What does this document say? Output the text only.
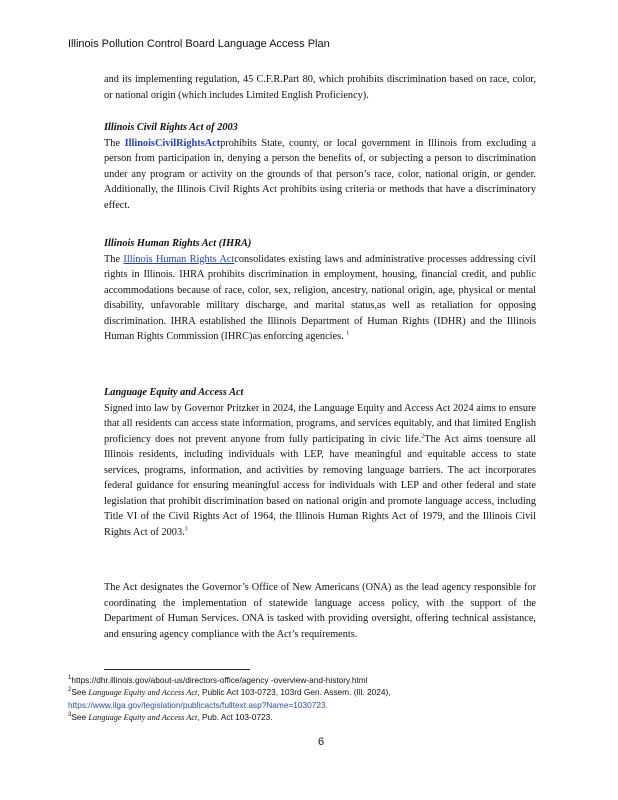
Illinois Pollution Control Board Language Access Plan

and its implementing regulation, 45 C.F.R.Part 80, which prohibits discrimination based on race, color, or national origin (which includes Limited English Proficiency).

Illinois Civil Rights Act of 2003

The IllinoisCivilRightsActprohibits State, county, or local government in Illinois from excluding a person from participation in, denying a person the benefits of, or subjecting a person to discrimination under any program or activity on the grounds of that person’s race, color, national origin, or gender. Additionally, the Illinois Civil Rights Act prohibits using criteria or methods that have a discriminatory effect.

Illinois Human Rights Act (IHRA)

The Illinois Human Rights Actconsolidates existing laws and administrative processes addressing civil rights in Illinois. IHRA prohibits discrimination in employment, housing, financial credit, and public accommodations because of race, color, sex, religion, ancestry, national origin, age, physical or mental disability, unfavorable military discharge, and marital status,as well as retaliation for opposing discrimination. IHRA established the Illinois Department of Human Rights (IDHR) and the Illinois Human Rights Commission (IHRC)as enforcing agencies. $^1$

Language Equity and Access Act

Signed into law by Governor Pritzker in 2024, the Language Equity and Access Act 2024 aims to ensure that all residents can access state information, programs, and services equitably, and that limited English proficiency does not prevent anyone from fully participating in civic life.$^2$The Act aims toensure all Illinois residents, including individuals with LEP, have meaningful and equitable access to state services, programs, information, and activities by removing language barriers. The act incorporates federal guidance for ensuring meaningful access for individuals with LEP and other federal and state legislation that prohibit discrimination based on national origin and promote language access, including Title VI of the Civil Rights Act of 1964, the Illinois Human Rights Act of 1979, and the Illinois Civil Rights Act of 2003.$^3$

The Act designates the Governor’s Office of New Americans (ONA) as the lead agency responsible for coordinating the implementation of statewide language access policy, with the support of the Department of Human Services. ONA is tasked with providing oversight, offering technical assistance, and ensuring agency compliance with the Act’s requirements.

$^1$https://dhr.illinois.gov/about-us/directors-office/agency -overview-and-history.html

$^2$See Language Equity and Access Act, Public Act 103-0723, 103rd Gen. Assem. (Ill. 2024),

https://www.ilga.gov/legislation/publicacts/fulltext.asp?Name=1030723.

$^3$See Language Equity and Access Act, Pub. Act 103-0723.

6
